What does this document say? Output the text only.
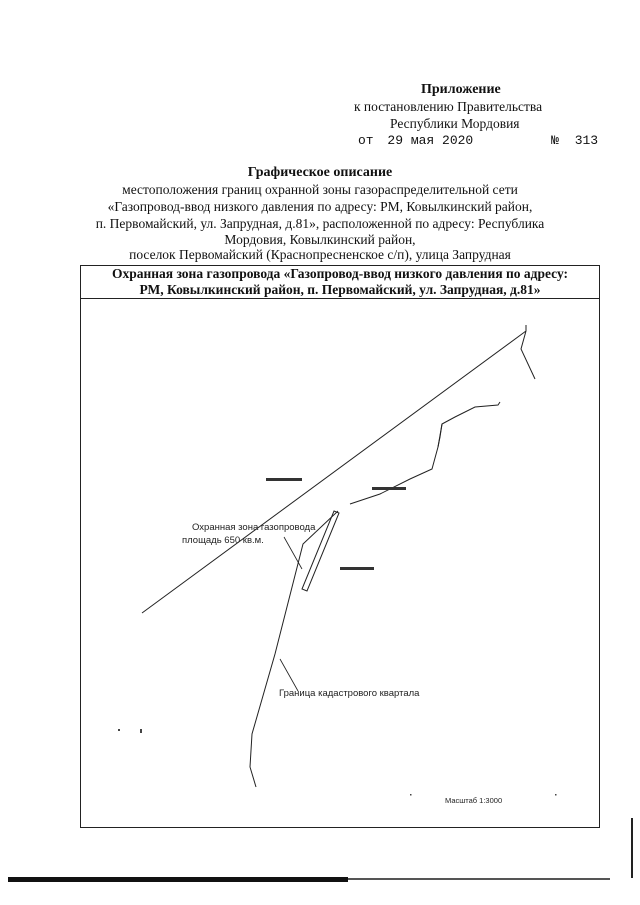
Приложение
к постановлению Правительства
Республики Мордовия
от 29 мая 2020	№ 313
Графическое описание
местоположения границ охранной зоны газораспределительной сети
«Газопровод-ввод низкого давления по адресу: РМ, Ковылкинский район,
п. Первомайский, ул. Запрудная, д.81», расположенной по адресу: Республика
Мордовия, Ковылкинский район,
поселок Первомайский (Краснопресненское с/п), улица Запрудная
Охранная зона газопровода «Газопровод-ввод низкого давления по адресу:
РМ, Ковылкинский район, п. Первомайский, ул. Запрудная, д.81»
Охранная зона газопровода
площадь 650 кв.м.
Граница кадастрового квартала
Масштаб 1:3000
